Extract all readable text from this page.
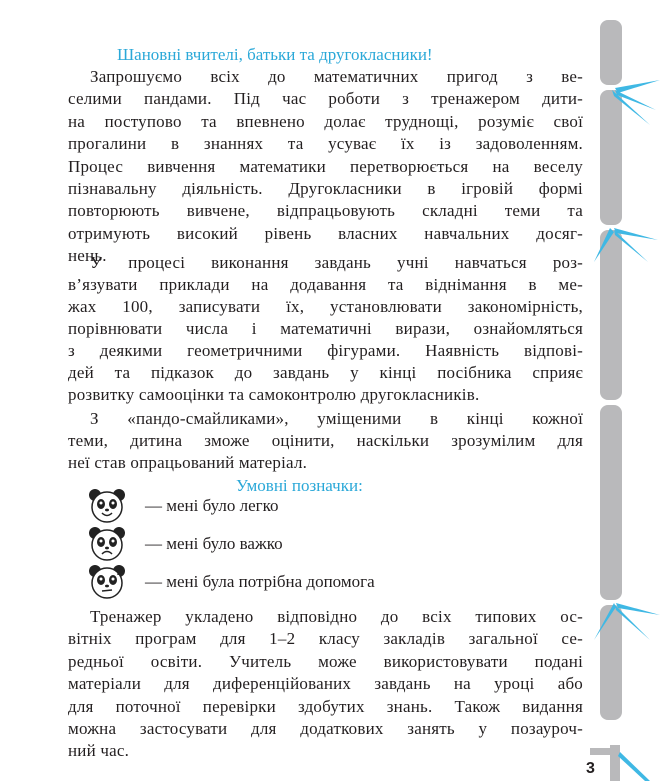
Шановні вчителі, батьки та другокласники!
Запрошуємо всіх до математичних пригод з ве-
селими пандами. Під час роботи з тренажером дити-
на поступово та впевнено долає труднощі, розуміє свої
прогалини в знаннях та усуває їх із задоволенням.
Процес вивчення математики перетворюється на веселу
пізнавальну діяльність. Другокласники в ігровій формі
повторюють вивчене, відпрацьовують складні теми та
отримують високий рівень власних навчальних досяг-
нень.
У процесі виконання завдань учні навчаться роз-
в’язувати приклади на додавання та віднімання в ме-
жах 100, записувати їх, установлювати закономірність,
порівнювати числа і математичні вирази, ознайомляться
з деякими геометричними фігурами. Наявність відпові-
дей та підказок до завдань у кінці посібника сприяє
розвитку самооцінки та самоконтролю другокласників.
З «пандо-смайликами», уміщеними в кінці кожної
теми, дитина зможе оцінити, наскільки зрозумілим для
неї став опрацьований матеріал.
Тренажер укладено відповідно до всіх типових ос-
вітніх програм для 1–2 класу закладів загальної се-
редньої освіти. Учитель може використовувати подані
матеріали для диференційованих завдань на уроці або
для поточної перевірки здобутих знань. Також видання
можна застосувати для додаткових занять у позауроч-
ний час.
Умовні позначки:
— мені було легко
— мені було важко
— мені була потрібна допомога
3
